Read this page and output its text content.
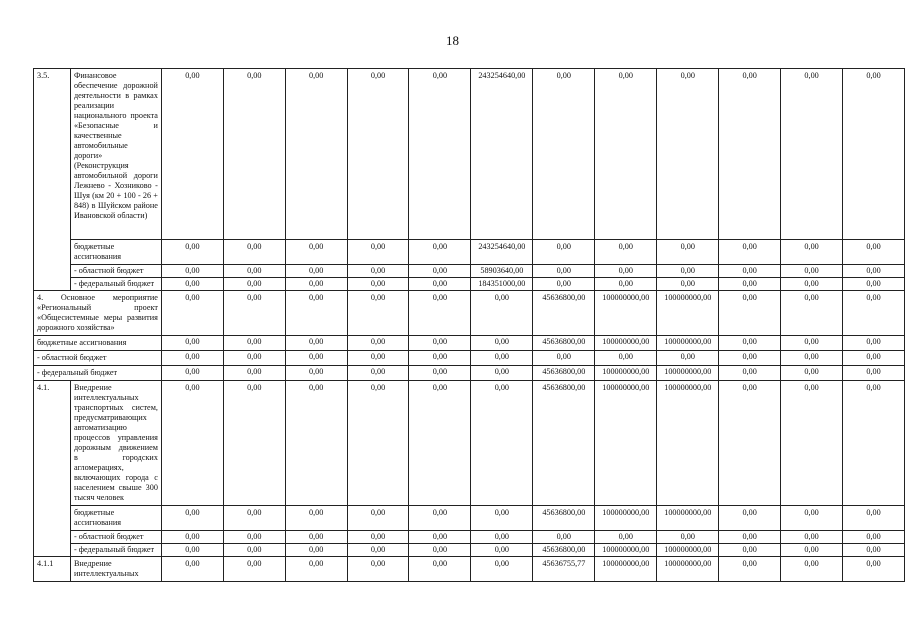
18
3.5.	Финансовое обеспечение дорожной деятельности в рамках реализации национального проекта «Безопасные и качественные автомобильные дороги» (Реконструкция автомобильной дороги Лежнево - Хозниково - Шуя (км 20 + 100 - 26 + 848) в Шуйском районе Ивановской области)	0,00	0,00	0,00	0,00	0,00	243254640,00	0,00	0,00	0,00	0,00	0,00	0,00
	бюджетные ассигнования	0,00	0,00	0,00	0,00	0,00	243254640,00	0,00	0,00	0,00	0,00	0,00	0,00
	- областной бюджет	0,00	0,00	0,00	0,00	0,00	58903640,00	0,00	0,00	0,00	0,00	0,00	0,00
	- федеральный бюджет	0,00	0,00	0,00	0,00	0,00	184351000,00	0,00	0,00	0,00	0,00	0,00	0,00
4. Основное мероприятие «Региональный проект «Общесистемные меры развития дорожного хозяйства»		0,00	0,00	0,00	0,00	0,00	0,00	45636800,00	100000000,00	100000000,00	0,00	0,00	0,00
бюджетные ассигнования		0,00	0,00	0,00	0,00	0,00	0,00	45636800,00	100000000,00	100000000,00	0,00	0,00	0,00
- областной бюджет		0,00	0,00	0,00	0,00	0,00	0,00	0,00	0,00	0,00	0,00	0,00	0,00
- федеральный бюджет		0,00	0,00	0,00	0,00	0,00	0,00	45636800,00	100000000,00	100000000,00	0,00	0,00	0,00
4.1.	Внедрение интеллектуальных транспортных систем, предусматривающих автоматизацию процессов управления дорожным движением в городских агломерациях, включающих города с населением свыше 300 тысяч человек	0,00	0,00	0,00	0,00	0,00	0,00	45636800,00	100000000,00	100000000,00	0,00	0,00	0,00
	бюджетные ассигнования	0,00	0,00	0,00	0,00	0,00	0,00	45636800,00	100000000,00	100000000,00	0,00	0,00	0,00
	- областной бюджет	0,00	0,00	0,00	0,00	0,00	0,00	0,00	0,00	0,00	0,00	0,00	0,00
	- федеральный бюджет	0,00	0,00	0,00	0,00	0,00	0,00	45636800,00	100000000,00	100000000,00	0,00	0,00	0,00
4.1.1	Внедрение интеллектуальных	0,00	0,00	0,00	0,00	0,00	0,00	45636755,77	100000000,00	100000000,00	0,00	0,00	0,00
